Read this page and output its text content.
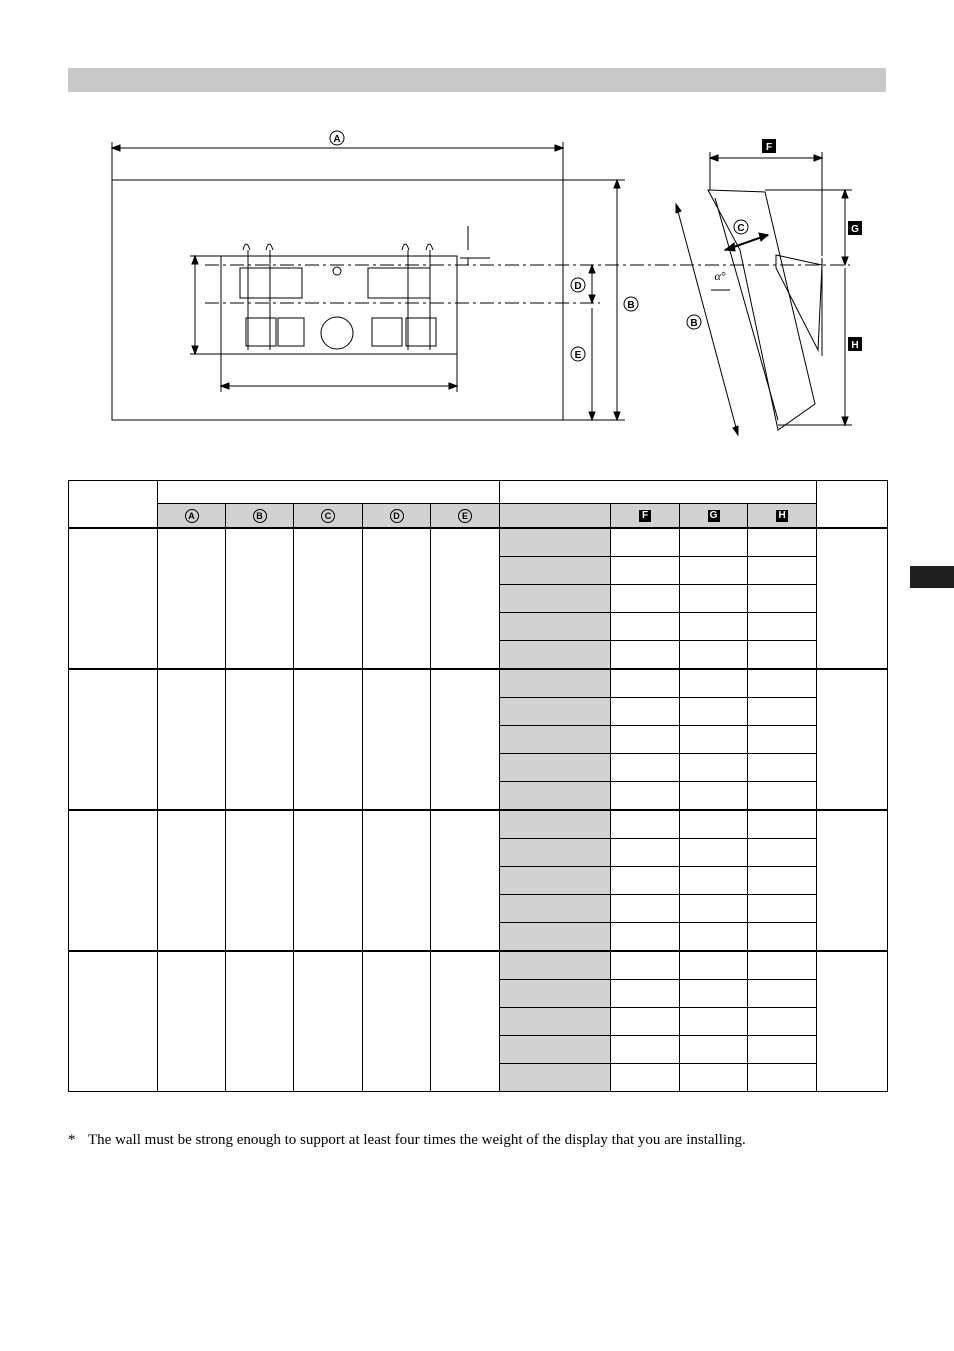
A
D
B
E
C
B
F
G
H
α°

	A	B	C	D	E		F	G	H	

* The wall must be strong enough to support at least four times the weight of the display that you are installing.
